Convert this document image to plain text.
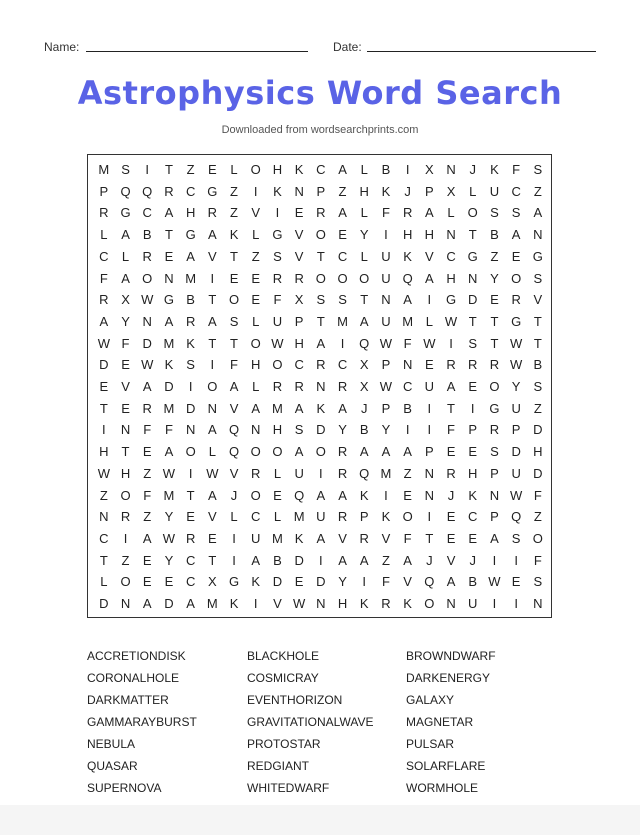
Name:	Date:
Astrophysics Word Search
Downloaded from wordsearchprints.com
M S	I	T	Z	E	L	O H K C A	L	B	I	X N	J	K	F	S
P Q Q R C G Z	I	K N P	Z	H K	J	P	X	L	U C	Z
R G C A H R	Z	V	I	E R A	L	F	R A	L	O S	S	A
L	A	B	T G A	K	L	G V O E	Y	I	H H N	T	B	A N
C	L	R E	A	V	T	Z	S	V	T	C	L	U K	V C G Z	E G
F	A O N M	I	E	E R R O O O U Q A H N Y O S
R X W G B	T O E	F	X	S	S	T	N A	I	G D E R V
A	Y N A R A	S	L	U P	T M A U M L W T	T G T
W F	D M K	T	T O W H A	I	Q W F W	I	S	T W T
D E W K	S	I	F	H O C R C X	P N E R R R W B
E	V	A D	I	O A	L	R R N R X W C U A	E O Y	S
T	E R M D N V	A M A	K	A	J	P	B	I	T	I	G U	Z
I	N	F	F	N A Q N H S D Y	B	Y	I	I	F	P R P D
H	T	E	A O	L	Q O O A O R A	A	A	P	E	E	S D H
W H	Z W	I	W V R	L	U	I	R Q M Z	N R H P U D
Z O F M T	A	J	O E Q A	A	K	I	E N	J	K N W F
N R	Z	Y	E	V	L	C	L M U R P	K O	I	E C P Q Z
C	I	A W R E	I	U M K	A	V R V	F	T	E	E	A	S O
T	Z	E	Y C	T	I	A	B D	I	A	A	Z	A	J	V	J	I	I	F
L	O E	E C X G K D E D Y	I	F	V Q A	B W E	S
D N A D A M K	I	V W N H K R K O N U	I	I	N
ACCRETIONDISK	BLACKHOLE	BROWNDWARF
CORONALHOLE	COSMICRAY	DARKENERGY
DARKMATTER	EVENTHORIZON	GALAXY
GAMMARAYBURST	GRAVITATIONALWAVE	MAGNETAR
NEBULA	PROTOSTAR	PULSAR
QUASAR	REDGIANT	SOLARFLARE
SUPERNOVA	WHITEDWARF	WORMHOLE
